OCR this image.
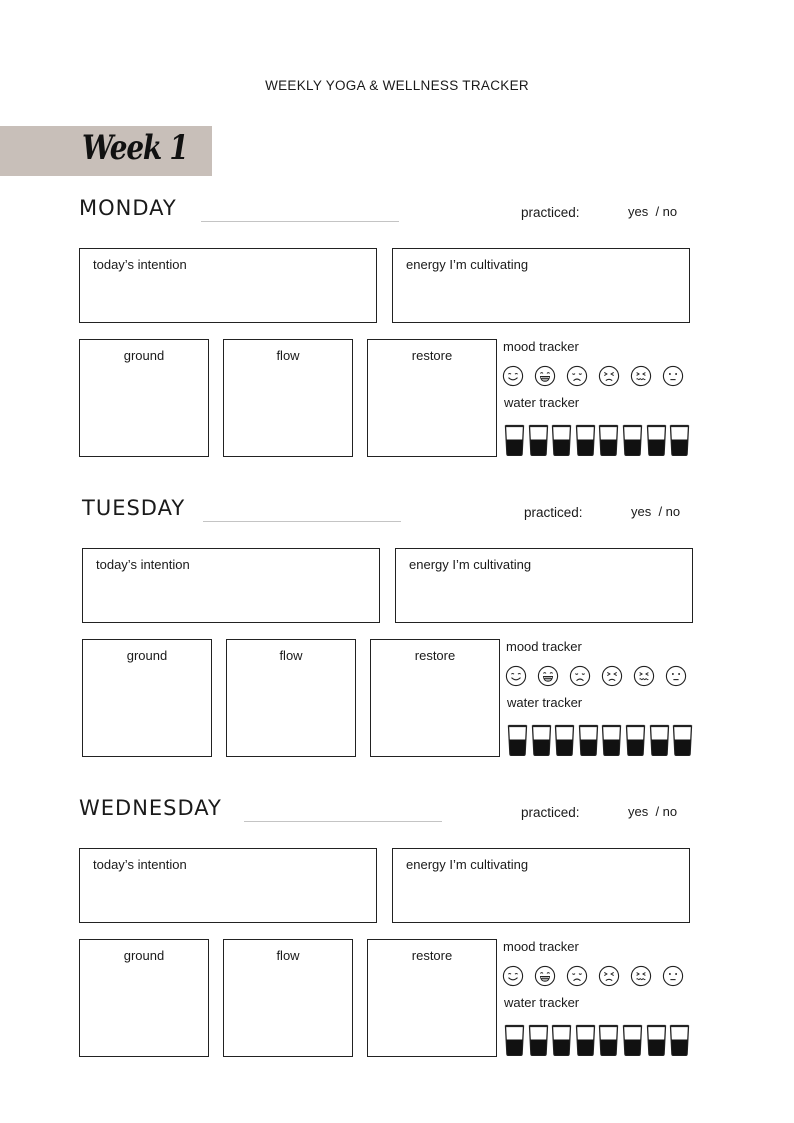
WEEKLY YOGA & WELLNESS TRACKER
Week 1
MONDAY	practiced:	yes  / no
today’s intention	energy I’m cultivating
ground	flow	restore
mood tracker
water tracker
TUESDAY	practiced:	yes  / no
today’s intention	energy I’m cultivating
ground	flow	restore
mood tracker
water tracker
WEDNESDAY	practiced:	yes  / no
today’s intention	energy I’m cultivating
ground	flow	restore
mood tracker
water tracker
